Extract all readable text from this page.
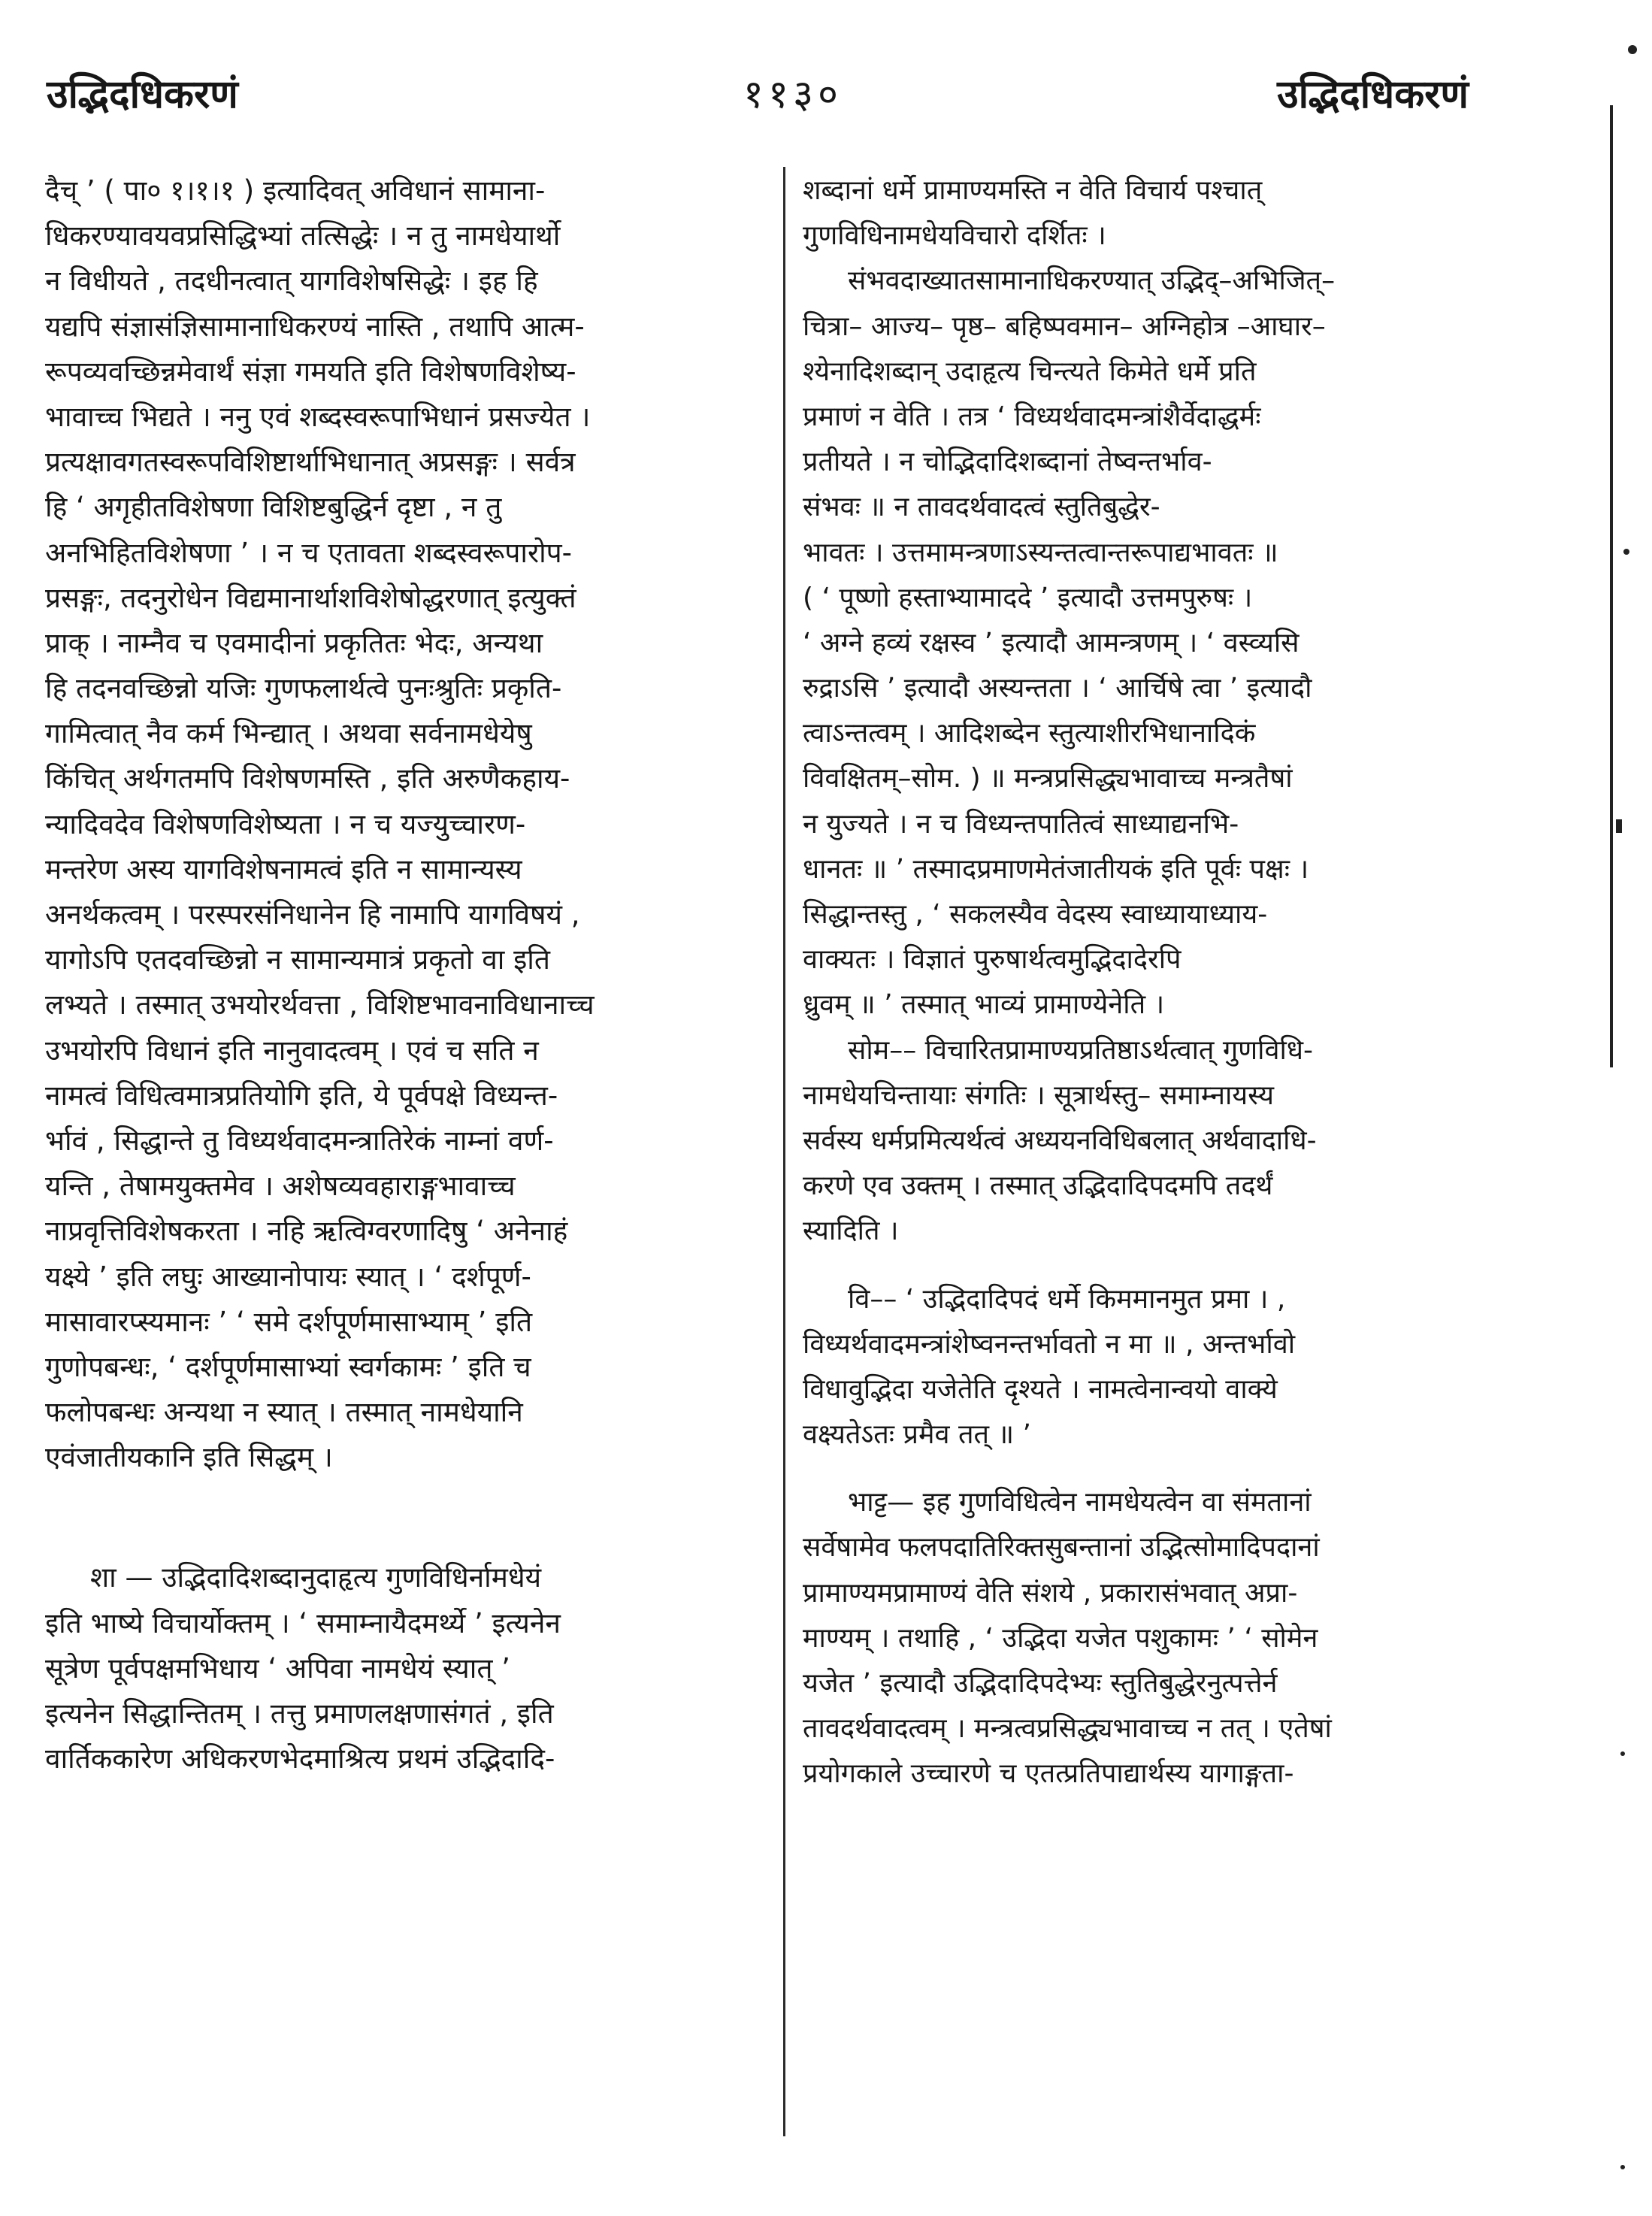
उद्भिदधिकरणं	११३०	उद्भिदधिकरणं
दैच् ’ ( पा० १।१।१ ) इत्यादिवत् अविधानं सामाना-
धिकरण्यावयवप्रसिद्धिभ्यां तत्सिद्धेः । न तु नामधेयार्थो
न विधीयते , तदधीनत्वात् यागविशेषसिद्धेः । इह हि
यद्यपि संज्ञासंज्ञिसामानाधिकरण्यं नास्ति , तथापि आत्म-
रूपव्यवच्छिन्नमेवार्थं संज्ञा गमयति इति विशेषणविशेष्य-
भावाच्च भिद्यते । ननु एवं शब्दस्वरूपाभिधानं प्रसज्येत ।
प्रत्यक्षावगतस्वरूपविशिष्टार्थाभिधानात् अप्रसङ्गः । सर्वत्र
हि ‘ अगृहीतविशेषणा विशिष्टबुद्धिर्न दृष्टा , न तु
अनभिहितविशेषणा ’ । न च एतावता शब्दस्वरूपारोप-
प्रसङ्गः, तदनुरोधेन विद्यमानार्थाशविशेषोद्धरणात् इत्युक्तं
प्राक् । नाम्नैव च एवमादीनां प्रकृतितः भेदः, अन्यथा
हि तदनवच्छिन्नो यजिः गुणफलार्थत्वे पुनःश्रुतिः प्रकृति-
गामित्वात् नैव कर्म भिन्द्यात् । अथवा सर्वनामधेयेषु
किंचित् अर्थगतमपि विशेषणमस्ति , इति अरुणैकहाय-
न्यादिवदेव विशेषणविशेष्यता । न च यज्युच्चारण-
मन्तरेण अस्य यागविशेषनामत्वं इति न सामान्यस्य
अनर्थकत्वम् । परस्परसंनिधानेन हि नामापि यागविषयं ,
यागोऽपि एतदवच्छिन्नो न सामान्यमात्रं प्रकृतो वा इति
लभ्यते । तस्मात् उभयोरर्थवत्ता , विशिष्टभावनाविधानाच्च
उभयोरपि विधानं इति नानुवादत्वम् । एवं च सति न
नामत्वं विधित्वमात्रप्रतियोगि इति, ये पूर्वपक्षे विध्यन्त-
र्भावं , सिद्धान्ते तु विध्यर्थवादमन्त्रातिरेकं नाम्नां वर्ण-
यन्ति , तेषामयुक्तमेव । अशेषव्यवहाराङ्गभावाच्च
नाप्रवृत्तिविशेषकरता । नहि ऋत्विग्वरणादिषु ‘ अनेनाहं
यक्ष्ये ’ इति लघुः आख्यानोपायः स्यात् । ‘ दर्शपूर्ण-
मासावारप्स्यमानः ’ ‘ समे दर्शपूर्णमासाभ्याम् ’ इति
गुणोपबन्धः, ‘ दर्शपूर्णमासाभ्यां स्वर्गकामः ’ इति च
फलोपबन्धः अन्यथा न स्यात् । तस्मात् नामधेयानि
एवंजातीयकानि इति सिद्धम् ।
शा — उद्भिदादिशब्दानुदाहृत्य गुणविधिर्नामधेयं
इति भाष्ये विचार्योक्तम् । ‘ समाम्नायैदमर्थ्ये ’ इत्यनेन
सूत्रेण पूर्वपक्षमभिधाय ‘ अपिवा नामधेयं स्यात् ’
इत्यनेन सिद्धान्तितम् । तत्तु प्रमाणलक्षणासंगतं , इति
वार्तिककारेण अधिकरणभेदमाश्रित्य प्रथमं उद्भिदादि-
शब्दानां धर्मे प्रामाण्यमस्ति न वेति विचार्य पश्चात्
गुणविधिनामधेयविचारो दर्शितः ।
संभवदाख्यातसामानाधिकरण्यात् उद्भिद्–अभिजित्–
चित्रा– आज्य– पृष्ठ– बहिष्पवमान– अग्निहोत्र –आघार–
श्येनादिशब्दान् उदाहृत्य चिन्त्यते किमेते धर्मे प्रति
प्रमाणं न वेति । तत्र ‘ विध्यर्थवादमन्त्रांशैर्वेदाद्धर्मः
प्रतीयते । न चोद्भिदादिशब्दानां तेष्वन्तर्भाव-
संभवः ॥ न तावदर्थवादत्वं स्तुतिबुद्धेर-
भावतः । उत्तमामन्त्रणाऽस्यन्तत्वान्तरूपाद्यभावतः ॥
( ‘ पूष्णो हस्ताभ्यामाददे ’ इत्यादौ उत्तमपुरुषः ।
‘ अग्ने हव्यं रक्षस्व ’ इत्यादौ आमन्त्रणम् । ‘ वस्व्यसि
रुद्राऽसि ’ इत्यादौ अस्यन्तता । ‘ आर्चिषे त्वा ’ इत्यादौ
त्वाऽन्तत्वम् । आदिशब्देन स्तुत्याशीरभिधानादिकं
विवक्षितम्–सोम. ) ॥ मन्त्रप्रसिद्ध्यभावाच्च मन्त्रतैषां
न युज्यते । न च विध्यन्तपातित्वं साध्याद्यनभि-
धानतः ॥ ’ तस्मादप्रमाणमेतंजातीयकं इति पूर्वः पक्षः ।
सिद्धान्तस्तु , ‘ सकलस्यैव वेदस्य स्वाध्यायाध्याय-
वाक्यतः । विज्ञातं पुरुषार्थत्वमुद्भिदादेरपि
ध्रुवम् ॥ ’ तस्मात् भाव्यं प्रामाण्येनेति ।
सोम–– विचारितप्रामाण्यप्रतिष्ठाऽर्थत्वात् गुणविधि-
नामधेयचिन्तायाः संगतिः । सूत्रार्थस्तु– समाम्नायस्य
सर्वस्य धर्मप्रमित्यर्थत्वं अध्ययनविधिबलात् अर्थवादाधि-
करणे एव उक्तम् । तस्मात् उद्भिदादिपदमपि तदर्थं
स्यादिति ।
वि–– ‘ उद्भिदादिपदं धर्मे किममानमुत प्रमा । ,
विध्यर्थवादमन्त्रांशेष्वनन्तर्भावतो न मा ॥ , अन्तर्भावो
विधावुद्भिदा यजेतेति दृश्यते । नामत्वेनान्वयो वाक्ये
वक्ष्यतेऽतः प्रमैव तत् ॥ ’
भाट्ट— इह गुणविधित्वेन नामधेयत्वेन वा संमतानां
सर्वेषामेव फलपदातिरिक्तसुबन्तानां उद्भित्सोमादिपदानां
प्रामाण्यमप्रामाण्यं वेति संशये , प्रकारासंभवात् अप्रा-
माण्यम् । तथाहि , ‘ उद्भिदा यजेत पशुकामः ’ ‘ सोमेन
यजेत ’ इत्यादौ उद्भिदादिपदेभ्यः स्तुतिबुद्धेरनुत्पत्तेर्न
तावदर्थवादत्वम् । मन्त्रत्वप्रसिद्ध्यभावाच्च न तत् । एतेषां
प्रयोगकाले उच्चारणे च एतत्प्रतिपाद्यार्थस्य यागाङ्गता-
